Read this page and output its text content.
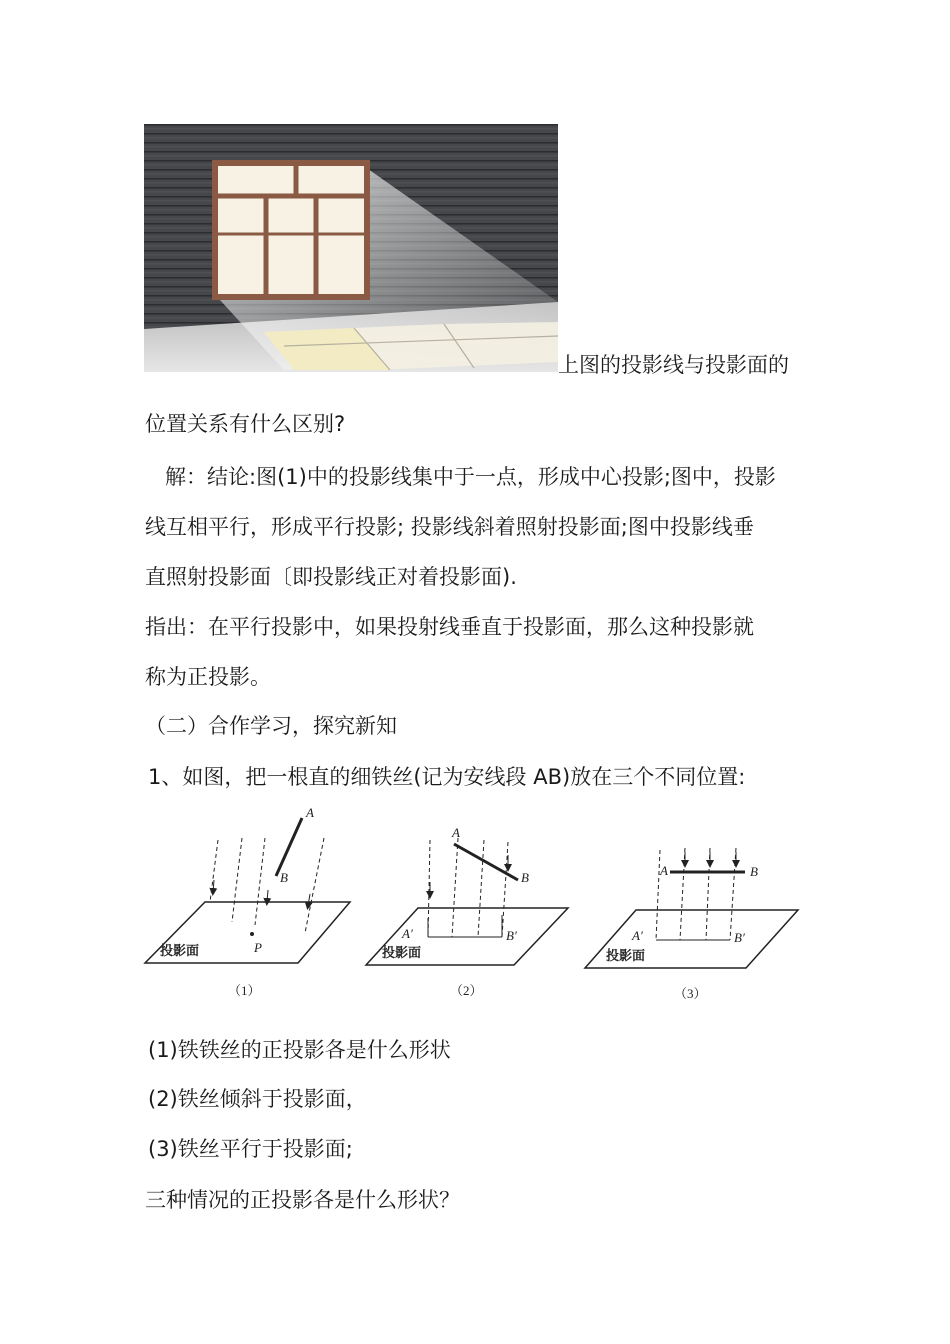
上图的投影线与投影面的
位置关系有什么区别?
解：结论:图(1)中的投影线集中于一点，形成中心投影;图中，投影
线互相平行，形成平行投影; 投影线斜着照射投影面;图中投影线垂
直照射投影面〔即投影线正对着投影面).
指出：在平行投影中，如果投射线垂直于投影面，那么这种投影就
称为正投影。
（二）合作学习，探究新知
1、如图，把一根直的细铁丝(记为安线段 AB)放在三个不同位置:
A
B
P
投影面
（1）
A
B
A′	B′
投影面
（2）
A	B
A′	B′
投影面
（3）
(1)铁铁丝的正投影各是什么形状
(2)铁丝倾斜于投影面，
(3)铁丝平行于投影面;
三种情况的正投影各是什么形状？
